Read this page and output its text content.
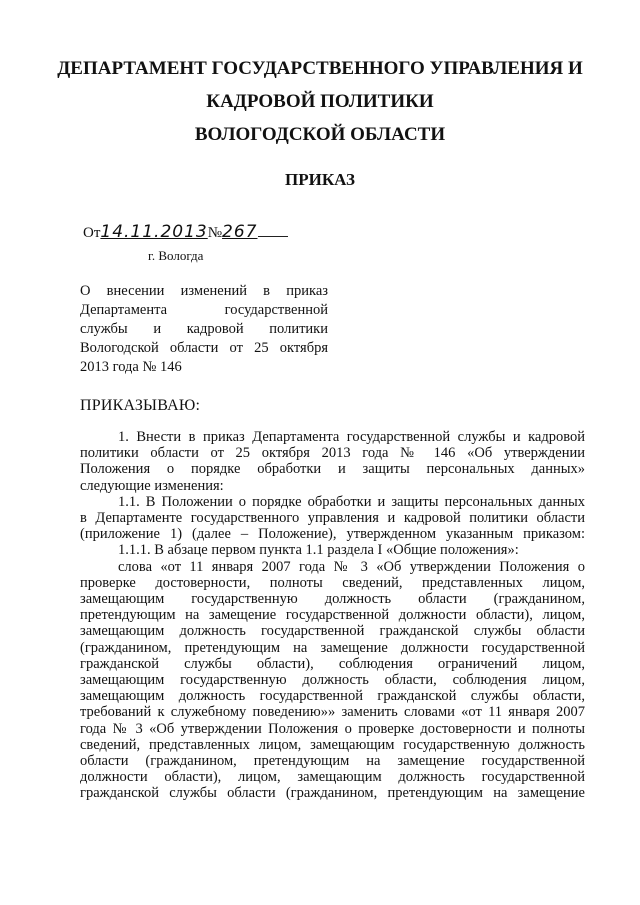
ДЕПАРТАМЕНТ ГОСУДАРСТВЕННОГО УПРАВЛЕНИЯ И
КАДРОВОЙ ПОЛИТИКИ
ВОЛОГОДСКОЙ ОБЛАСТИ
ПРИКАЗ
От14.11.2013№267
г. Вологда
О внесении изменений в приказ
Департамента государственной
службы и кадровой политики
Вологодской области от 25 октября
2013 года № 146
ПРИКАЗЫВАЮ:
1. Внести в приказ Департамента государственной службы и кадровой
политики области от 25 октября 2013 года № 146 «Об утверждении
Положения о порядке обработки и защиты персональных данных»
следующие изменения:
1.1. В Положении о порядке обработки и защиты персональных данных
в Департаменте государственного управления и кадровой политики области
(приложение 1) (далее – Положение), утвержденном указанным приказом:
1.1.1. В абзаце первом пункта 1.1 раздела I «Общие положения»:
слова «от 11 января 2007 года № 3 «Об утверждении Положения о
проверке достоверности, полноты сведений, представленных лицом,
замещающим государственную должность области (гражданином,
претендующим на замещение государственной должности области), лицом,
замещающим должность государственной гражданской службы области
(гражданином, претендующим на замещение должности государственной
гражданской службы области), соблюдения ограничений лицом,
замещающим государственную должность области, соблюдения лицом,
замещающим должность государственной гражданской службы области,
требований к служебному поведению»» заменить словами «от 11 января 2007
года № 3 «Об утверждении Положения о проверке достоверности и полноты
сведений, представленных лицом, замещающим государственную должность
области (гражданином, претендующим на замещение государственной
должности области), лицом, замещающим должность государственной
гражданской службы области (гражданином, претендующим на замещение
